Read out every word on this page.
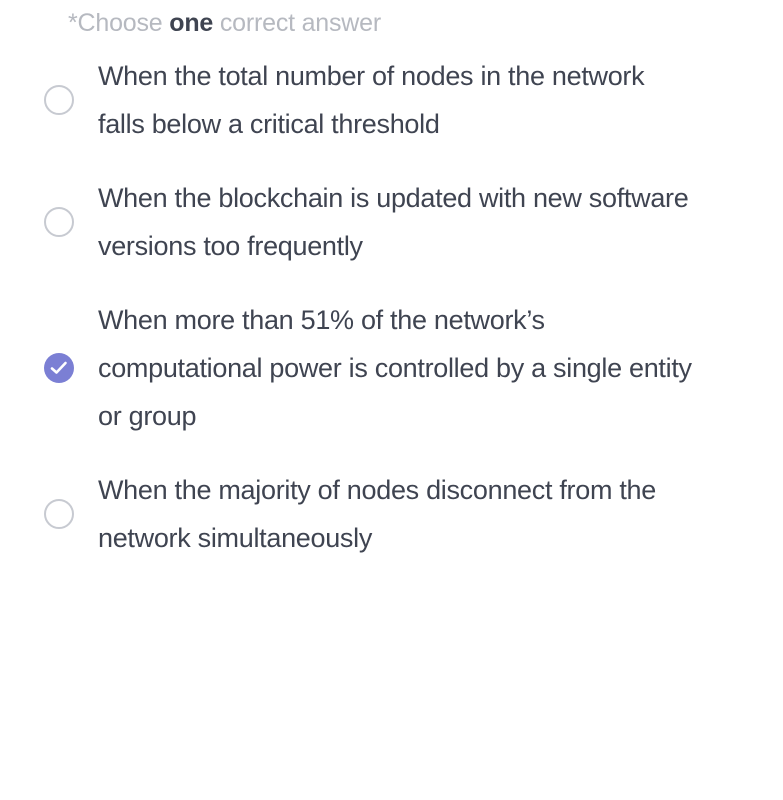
*Choose one correct answer
When the total number of nodes in the network falls below a critical threshold
When the blockchain is updated with new software versions too frequently
When more than 51% of the network’s computational power is controlled by a single entity or group
When the majority of nodes disconnect from the network simultaneously
